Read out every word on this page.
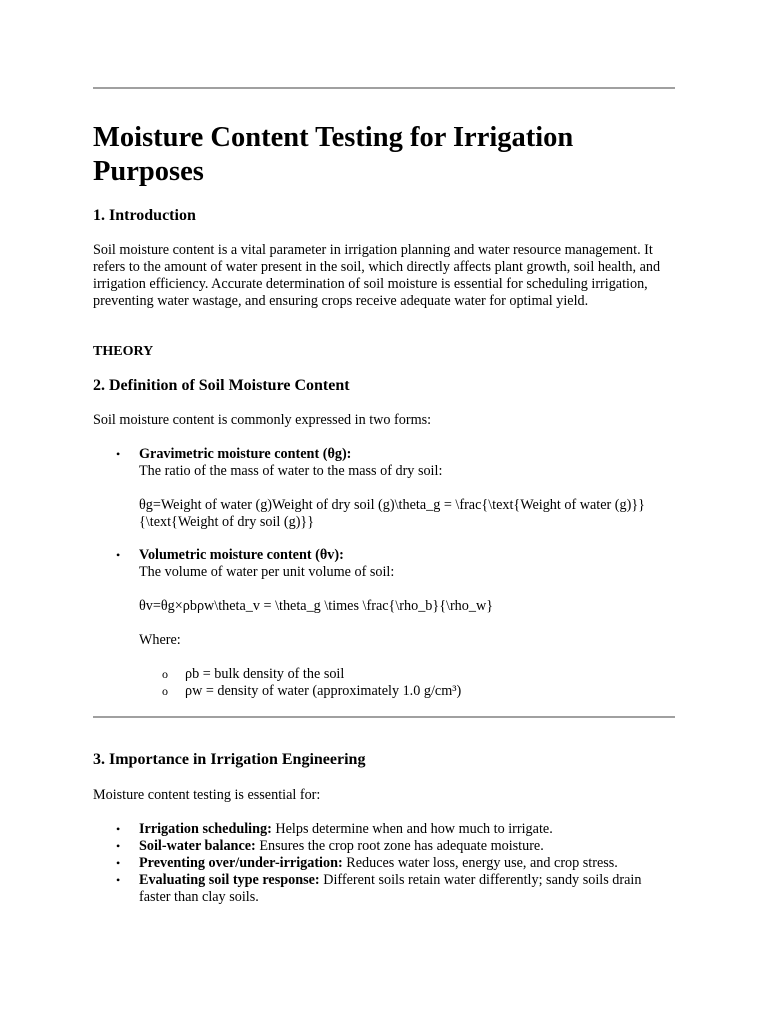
Moisture Content Testing for Irrigation Purposes
1. Introduction

Soil moisture content is a vital parameter in irrigation planning and water resource management. It refers to the amount of water present in the soil, which directly affects plant growth, soil health, and irrigation efficiency. Accurate determination of soil moisture is essential for scheduling irrigation, preventing water wastage, and ensuring crops receive adequate water for optimal yield.

THEORY
2. Definition of Soil Moisture Content

Soil moisture content is commonly expressed in two forms:

• Gravimetric moisture content (θg):
The ratio of the mass of water to the mass of dry soil:
θg=Weight of water (g)Weight of dry soil (g)\theta_g = \frac{\text{Weight of water (g)}}{\text{Weight of dry soil (g)}}
• Volumetric moisture content (θv):
The volume of water per unit volume of soil:
θv=θg×ρbρw\theta_v = \theta_g \times \frac{\rho_b}{\rho_w}
Where:
o ρb = bulk density of the soil
o ρw = density of water (approximately 1.0 g/cm³)
3. Importance in Irrigation Engineering

Moisture content testing is essential for:

• Irrigation scheduling: Helps determine when and how much to irrigate.
• Soil-water balance: Ensures the crop root zone has adequate moisture.
• Preventing over/under-irrigation: Reduces water loss, energy use, and crop stress.
• Evaluating soil type response: Different soils retain water differently; sandy soils drain faster than clay soils.
